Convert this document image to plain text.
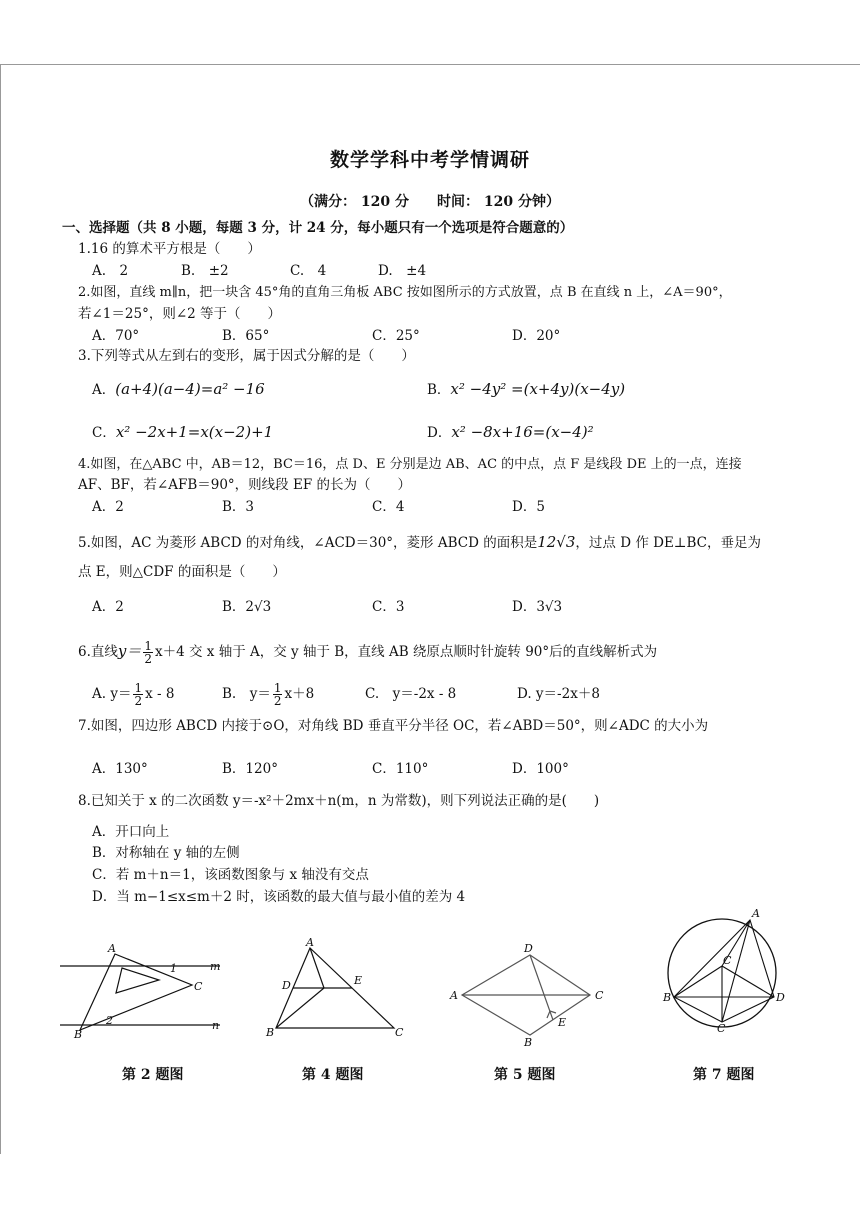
数学学科中考学情调研
（满分： 120 分　　时间： 120 分钟）
一、选择题（共 8 小题，每题 3 分，计 24 分，每小题只有一个选项是符合题意的）
1.16 的算术平方根是（　　）
A.　2	B.　±2	C.　4	D.　±4
2.如图，直线 m∥n，把一块含 45°角的直角三角板 ABC 按如图所示的方式放置，点 B 在直线 n 上，∠A＝90°，
若∠1＝25°，则∠2 等于（　　）
A．70°	B．65°	C．25°	D．20°
3.下列等式从左到右的变形，属于因式分解的是（　　）
A．(a+4)(a−4)=a² −16	B．x² −4y² =(x+4y)(x−4y)
C．x² −2x+1=x(x−2)+1	D．x² −8x+16=(x−4)²
4.如图，在△ABC 中，AB＝12，BC＝16，点 D、E 分别是边 AB、AC 的中点，点 F 是线段 DE 上的一点，连接
AF、BF，若∠AFB＝90°，则线段 EF 的长为（　　）
A．2	B．3	C．4	D．5
5.如图，AC 为菱形 ABCD 的对角线，∠ACD＝30°，菱形 ABCD 的面积是12√3，过点 D 作 DE⊥BC，垂足为
点 E，则△CDF 的面积是（　　）
A．2	B．2√3	C．3	D．3√3
6.直线$y= \frac{1}{2} x+4$ 交 x 轴于 A，交 y 轴于 B，直线 AB 绕原点顺时针旋转 90°后的直线解析式为
A. $y= \frac{1}{2}$ x - 8	B.　$y= \frac{1}{2} x+8$	C.　y＝-2x - 8	D. y＝-2x＋8
7.如图，四边形 ABCD 内接于⊙O，对角线 BD 垂直平分半径 OC，若∠ABD＝50°，则∠ADC 的大小为
A．130°	B．120°	C．110°	D．100°
8.已知关于 x 的二次函数 y＝-x²＋2mx＋n(m，n 为常数)，则下列说法正确的是(　　)
A．开口向上
B．对称轴在 y 轴的左侧
C．若 m＋n＝1，该函数图象与 x 轴没有交点
D．当 m−1≤x≤m＋2 时，该函数的最大值与最小值的差为 4
A
C
B
1
2
m
n
A
D	E
B	C
D
A	C
B
E
A
B
C
D
C
第 2 题图	第 4 题图	第 5 题图	第 7 题图
